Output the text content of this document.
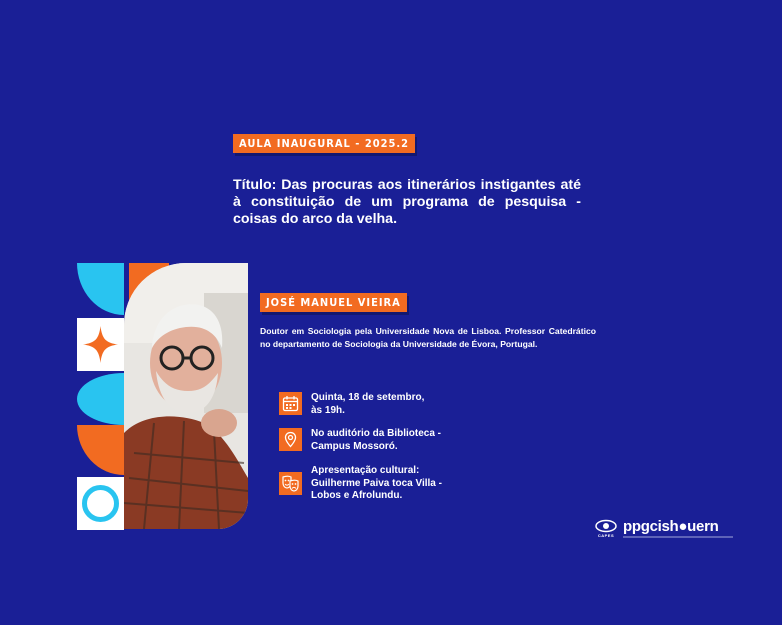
AULA INAUGURAL - 2025.2

Título: Das procuras aos itinerários instigantes até à constituição de um programa de pesquisa - coisas do arco da velha.

JOSÉ MANUEL VIEIRA

Doutor em Sociologia pela Universidade Nova de Lisboa. Professor Catedrático no departamento de Sociologia da Universidade de Évora, Portugal.

Quinta, 18 de setembro,
às 19h.
No auditório da Biblioteca -
Campus Mossoró.
Apresentação cultural:
Guilherme Paiva toca Villa -
Lobos e Afrolundu.
CAPES
ppgcish●uern
